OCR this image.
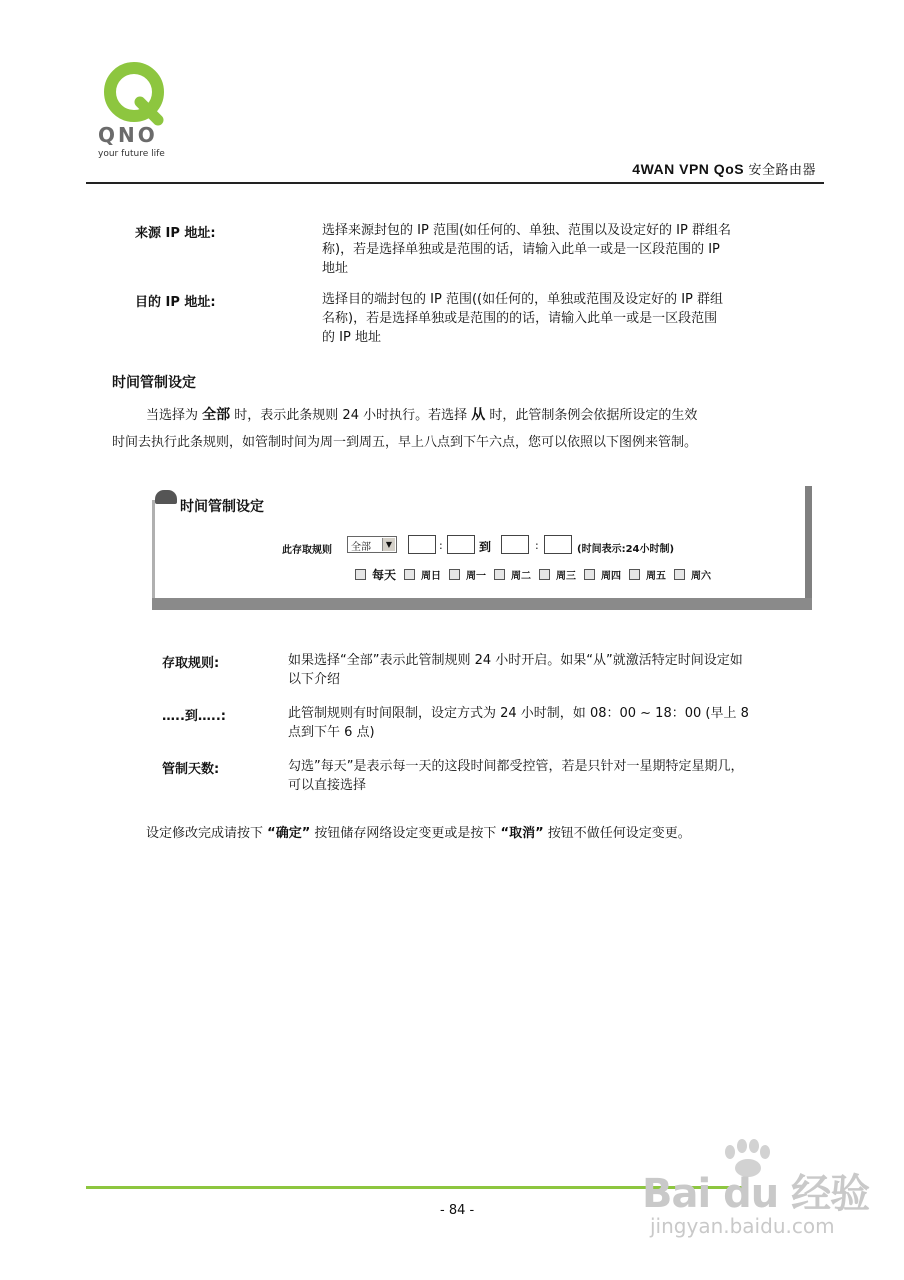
QNO
your future life
4WAN VPN QoS 安全路由器
来源 IP 地址:	选择来源封包的 IP 范围(如任何的、单独、范围以及设定好的 IP 群组名
称)，若是选择单独或是范围的话，请输入此单一或是一区段范围的 IP
地址
目的 IP 地址:	选择目的端封包的 IP 范围((如任何的，单独或范围及设定好的 IP 群组
名称)，若是选择单独或是范围的的话，请输入此单一或是一区段范围
的 IP 地址
时间管制设定
当选择为 全部 时，表示此条规则 24 小时执行。若选择 从 时，此管制条例会依据所设定的生效
时间去执行此条规则，如管制时间为周一到周五，早上八点到下午六点，您可以依照以下图例来管制。
时间管制设定
此存取规则 全部	▼	:	到	:	(时间表示:24小时制)
每天	周日	周一	周二	周三	周四	周五	周六
存取规则:	如果选择“全部”表示此管制规则 24 小时开启。如果“从”就激活特定时间设定如
以下介绍
…..到…..:	此管制规则有时间限制，设定方式为 24 小时制，如 08：00 ~ 18：00 (早上 8
点到下午 6 点)
管制天数:	勾选”每天”是表示每一天的这段时间都受控管，若是只针对一星期特定星期几，
可以直接选择
设定修改完成请按下 “确定” 按钮储存网络设定变更或是按下 “取消” 按钮不做任何设定变更。
- 84 -	Bai du 经验
jingyan.baidu.com
